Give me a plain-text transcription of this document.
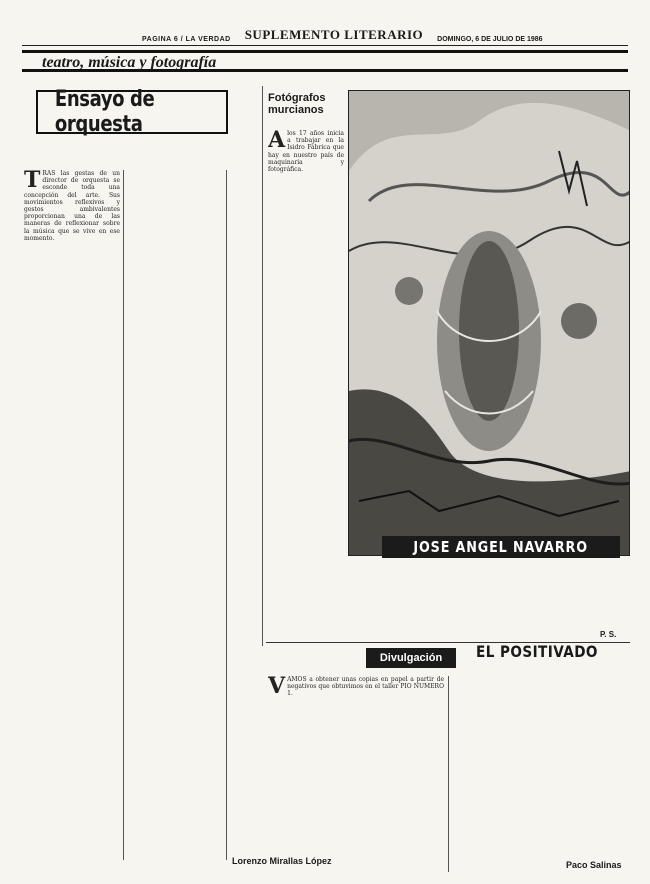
PAGINA 6 / LA VERDAD SUPLEMENTO LITERARIO DOMINGO, 6 DE JULIO DE 1986
teatro, música y fotografía
Ensayo de orquesta

TRAS las gestas de un director de orquesta se esconde toda una concepción del arte. Sus movimientos reflexivos y gestos ambivalentes proporcionan una de las maneras de reflexionar sobre la música que se vive en ese momento.

Lorenzo Mirallas López
Fotógrafos murcianos

Alos 17 años inicia a trabajar en la Isidro Fábrica que hay en nuestro país de maquinaria y fotográfica.

JOSE ANGEL NAVARRO
P. S.
Divulgación	EL POSITIVADO

VAMOS a obtener unas copias en papel a partir de negativos que obtuvimos en el taller PIO NUMERO 1.

Paco Salinas
